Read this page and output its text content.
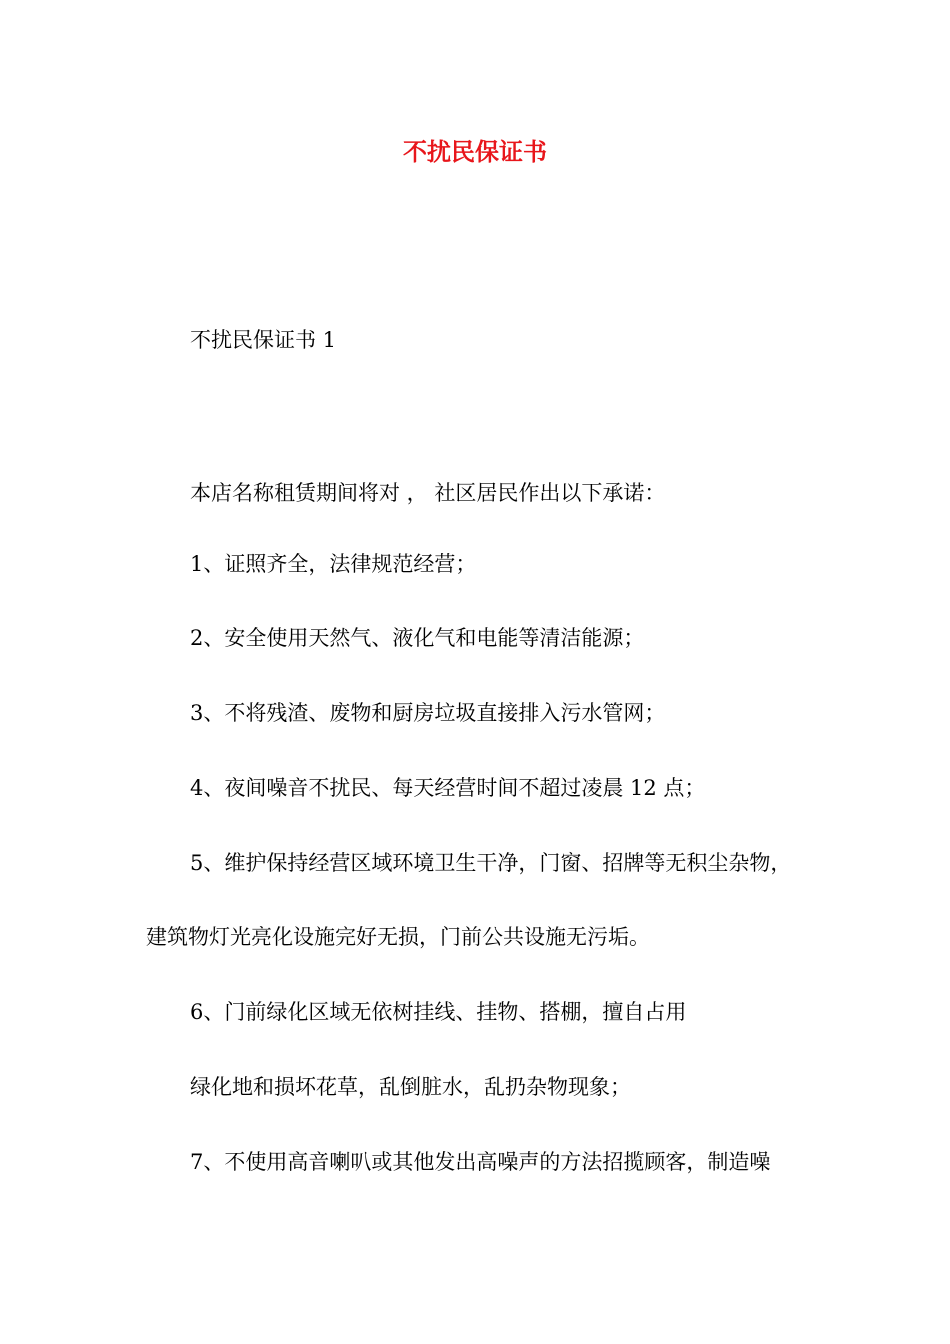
不扰民保证书

不扰民保证书 1

本店名称租赁期间将对 ， 社区居民作出以下承诺：

1、证照齐全，法律规范经营；

2、安全使用天然气、液化气和电能等清洁能源；

3、不将残渣、废物和厨房垃圾直接排入污水管网；

4、夜间噪音不扰民、每天经营时间不超过凌晨 12 点；

5、维护保持经营区域环境卫生干净，门窗、招牌等无积尘杂物，

建筑物灯光亮化设施完好无损，门前公共设施无污垢。

6、门前绿化区域无依树挂线、挂物、搭棚，擅自占用

绿化地和损坏花草，乱倒脏水，乱扔杂物现象；

7、不使用高音喇叭或其他发出高噪声的方法招揽顾客，制造噪
